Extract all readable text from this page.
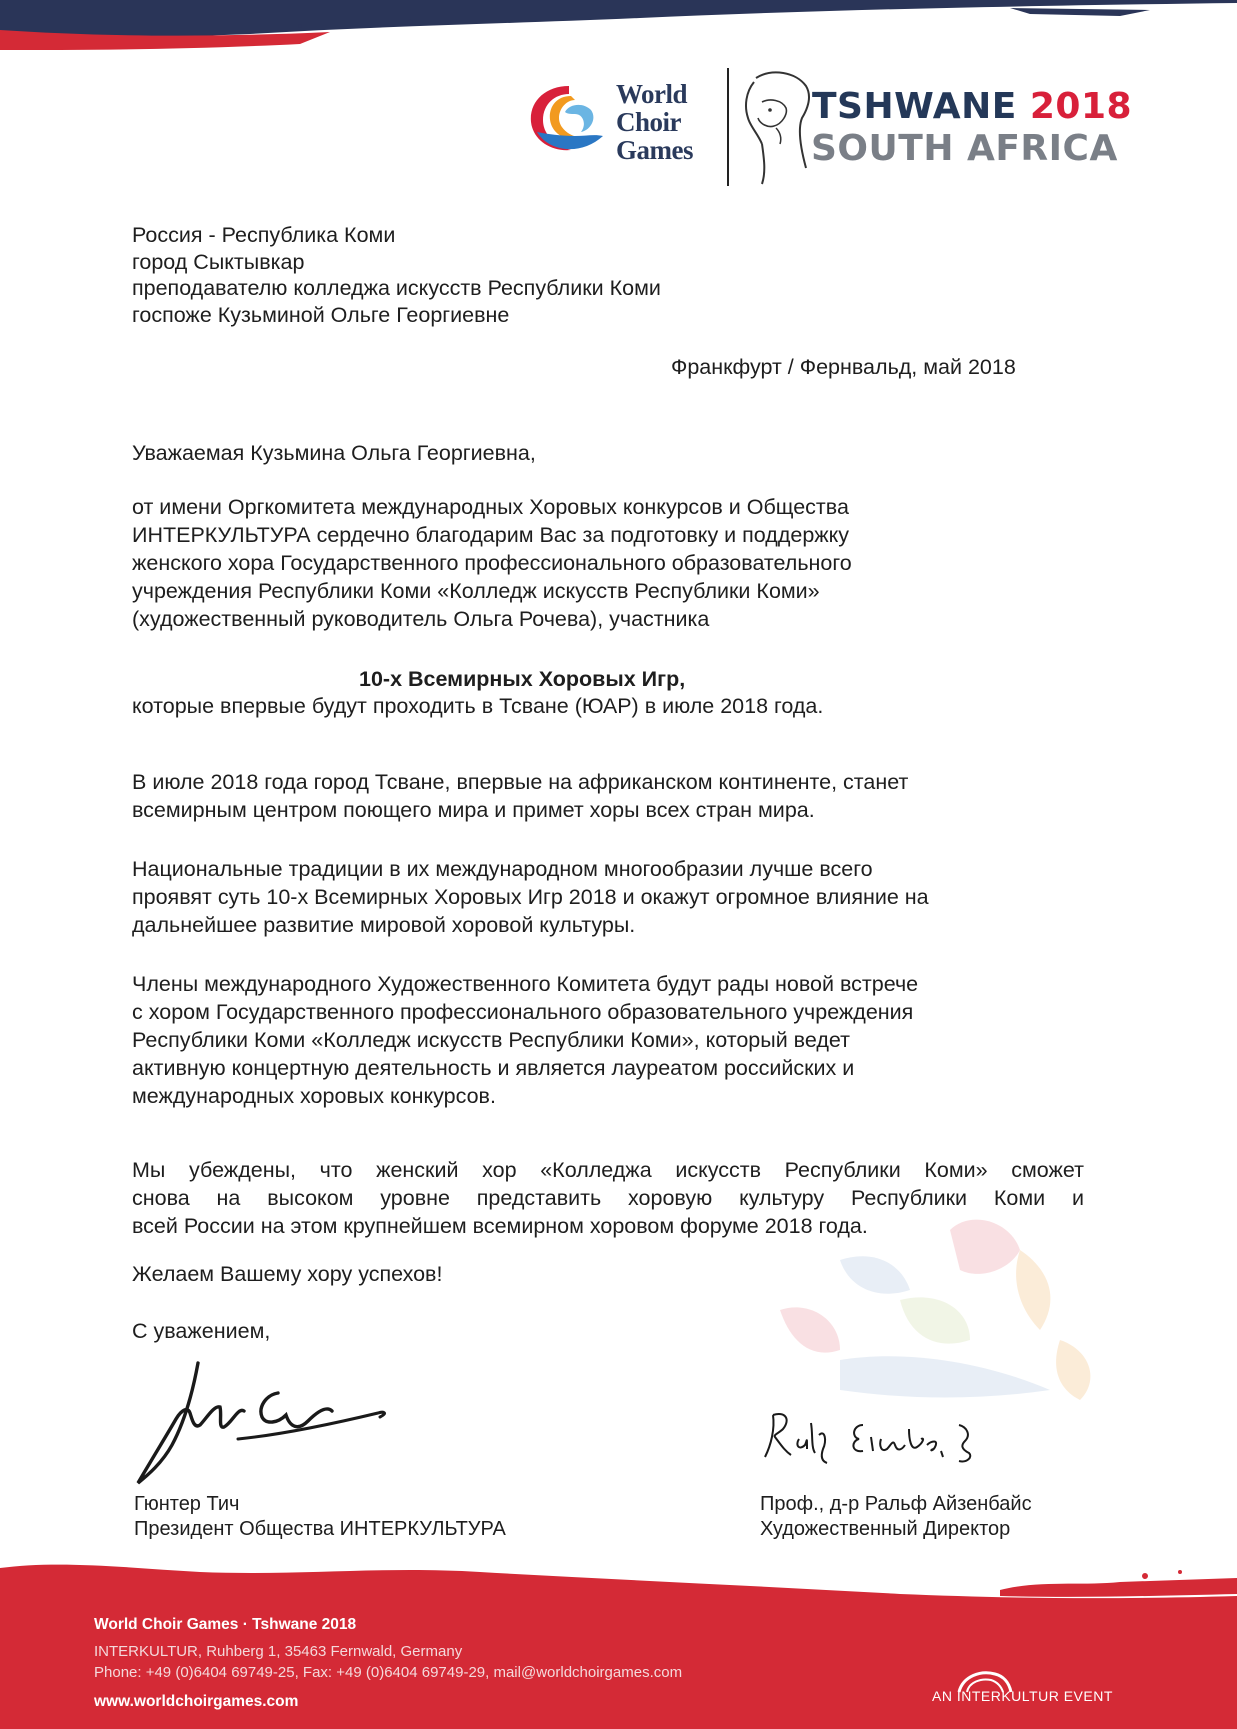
World
Choir
Games
TSHWANE 2018
SOUTH AFRICA
Россия - Республика Коми
город Сыктывкар
преподавателю колледжа искусств Республики Коми
госпоже Кузьминой Ольге Георгиевне
Франкфурт / Фернвальд, май 2018
Уважаемая Кузьмина Ольга Георгиевна,
от имени Оргкомитета международных Хоровых конкурсов и Общества
ИНТЕРКУЛЬТУРА сердечно благодарим Вас за подготовку и поддержку
женского хора Государственного профессионального образовательного
учреждения Республики Коми «Колледж искусств Республики Коми»
(художественный руководитель Ольга Рочева), участника
10-х Всемирных Хоровых Игр,
которые впервые будут проходить в Тсване (ЮАР) в июле 2018 года.
В июле 2018 года город Тсване, впервые на африканском континенте, станет
всемирным центром поющего мира и примет хоры всех стран мира.
Национальные традиции в их международном многообразии лучше всего
проявят суть 10-х Всемирных Хоровых Игр 2018 и окажут огромное влияние на
дальнейшее развитие мировой хоровой культуры.
Члены международного Художественного Комитета будут рады новой встрече
с хором Государственного профессионального образовательного учреждения
Республики Коми «Колледж искусств Республики Коми», который ведет
активную концертную деятельность и является лауреатом российских и
международных хоровых конкурсов.
Мы убеждены, что женский хор «Колледжа искусств Республики Коми» сможет
снова на высоком уровне представить хоровую культуру Республики Коми и
всей России на этом крупнейшем всемирном хоровом форуме 2018 года.
Желаем Вашему хору успехов!
С уважением,
Гюнтер Тич
Президент Общества ИНТЕРКУЛЬТУРА
Проф., д-р Ральф Айзенбайс
Художественный Директор
World Choir Games · Tshwane 2018
INTERKULTUR, Ruhberg 1, 35463 Fernwald, Germany
Phone: +49 (0)6404 69749-25, Fax: +49 (0)6404 69749-29, mail@worldchoirgames.com
www.worldchoirgames.com	AN INTERKULTUR EVENT
